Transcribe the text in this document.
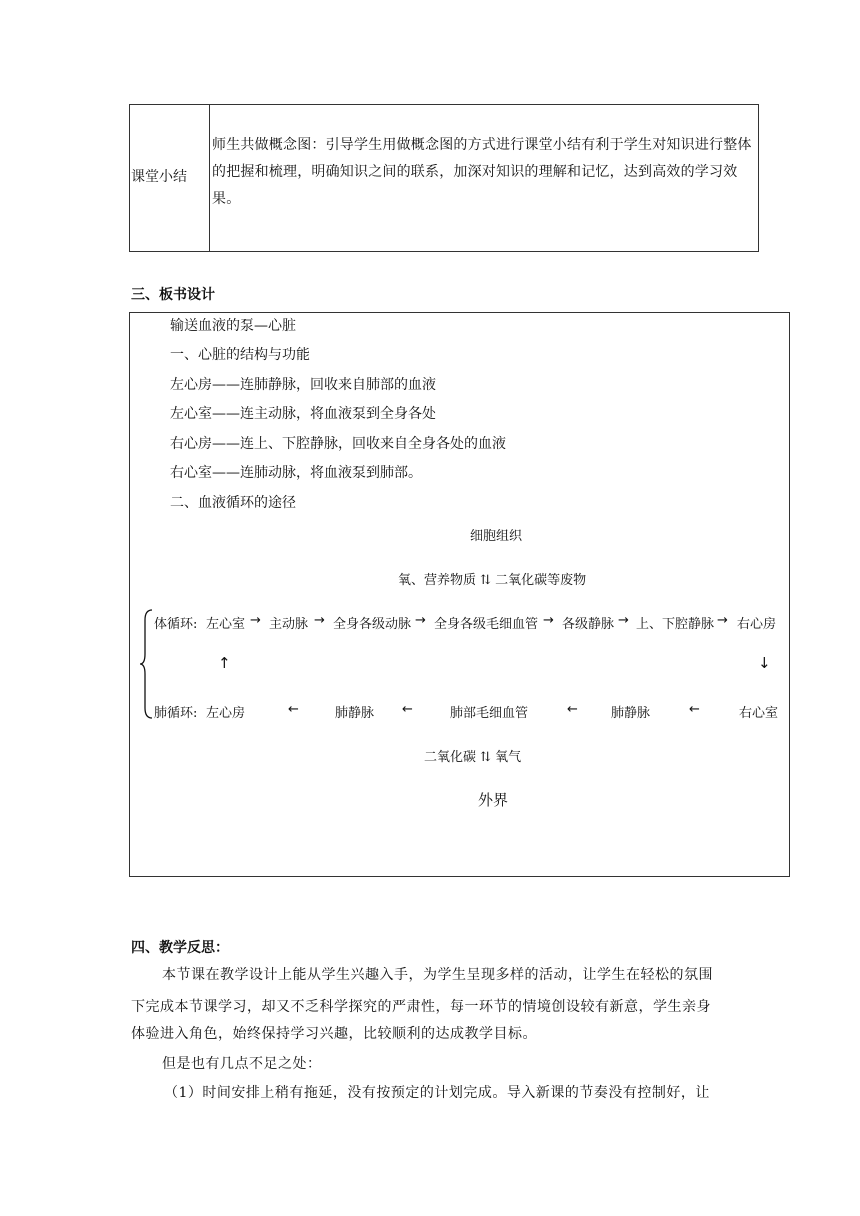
课堂小结
师生共做概念图：引导学生用做概念图的方式进行课堂小结有利于学生对知识进行整体的把握和梳理，明确知识之间的联系，加深对知识的理解和记忆，达到高效的学习效果。
三、板书设计
输送血液的泵—心脏
一、心脏的结构与功能
左心房——连肺静脉，回收来自肺部的血液
左心室——连主动脉，将血液泵到全身各处
右心房——连上、下腔静脉，回收来自全身各处的血液
右心室——连肺动脉，将血液泵到肺部。
二、血液循环的途径
细胞组织
氧、营养物质 ⇅ 二氧化碳等废物
体循环: 左心室 → 主动脉 → 全身各级动脉 → 全身各级毛细血管 → 各级静脉 → 上、下腔静脉 → 右心房
↑	↓
肺循环: 左心房	←	肺静脉 ←	肺部毛细血管	←	肺静脉	←	右心室
二氧化碳 ⇅ 氧气
外界
四、教学反思：
本节课在教学设计上能从学生兴趣入手，为学生呈现多样的活动，让学生在轻松的氛围
下完成本节课学习，却又不乏科学探究的严肃性，每一环节的情境创设较有新意，学生亲身
体验进入角色，始终保持学习兴趣，比较顺利的达成教学目标。
但是也有几点不足之处：
（1）时间安排上稍有拖延，没有按预定的计划完成。导入新课的节奏没有控制好，让
